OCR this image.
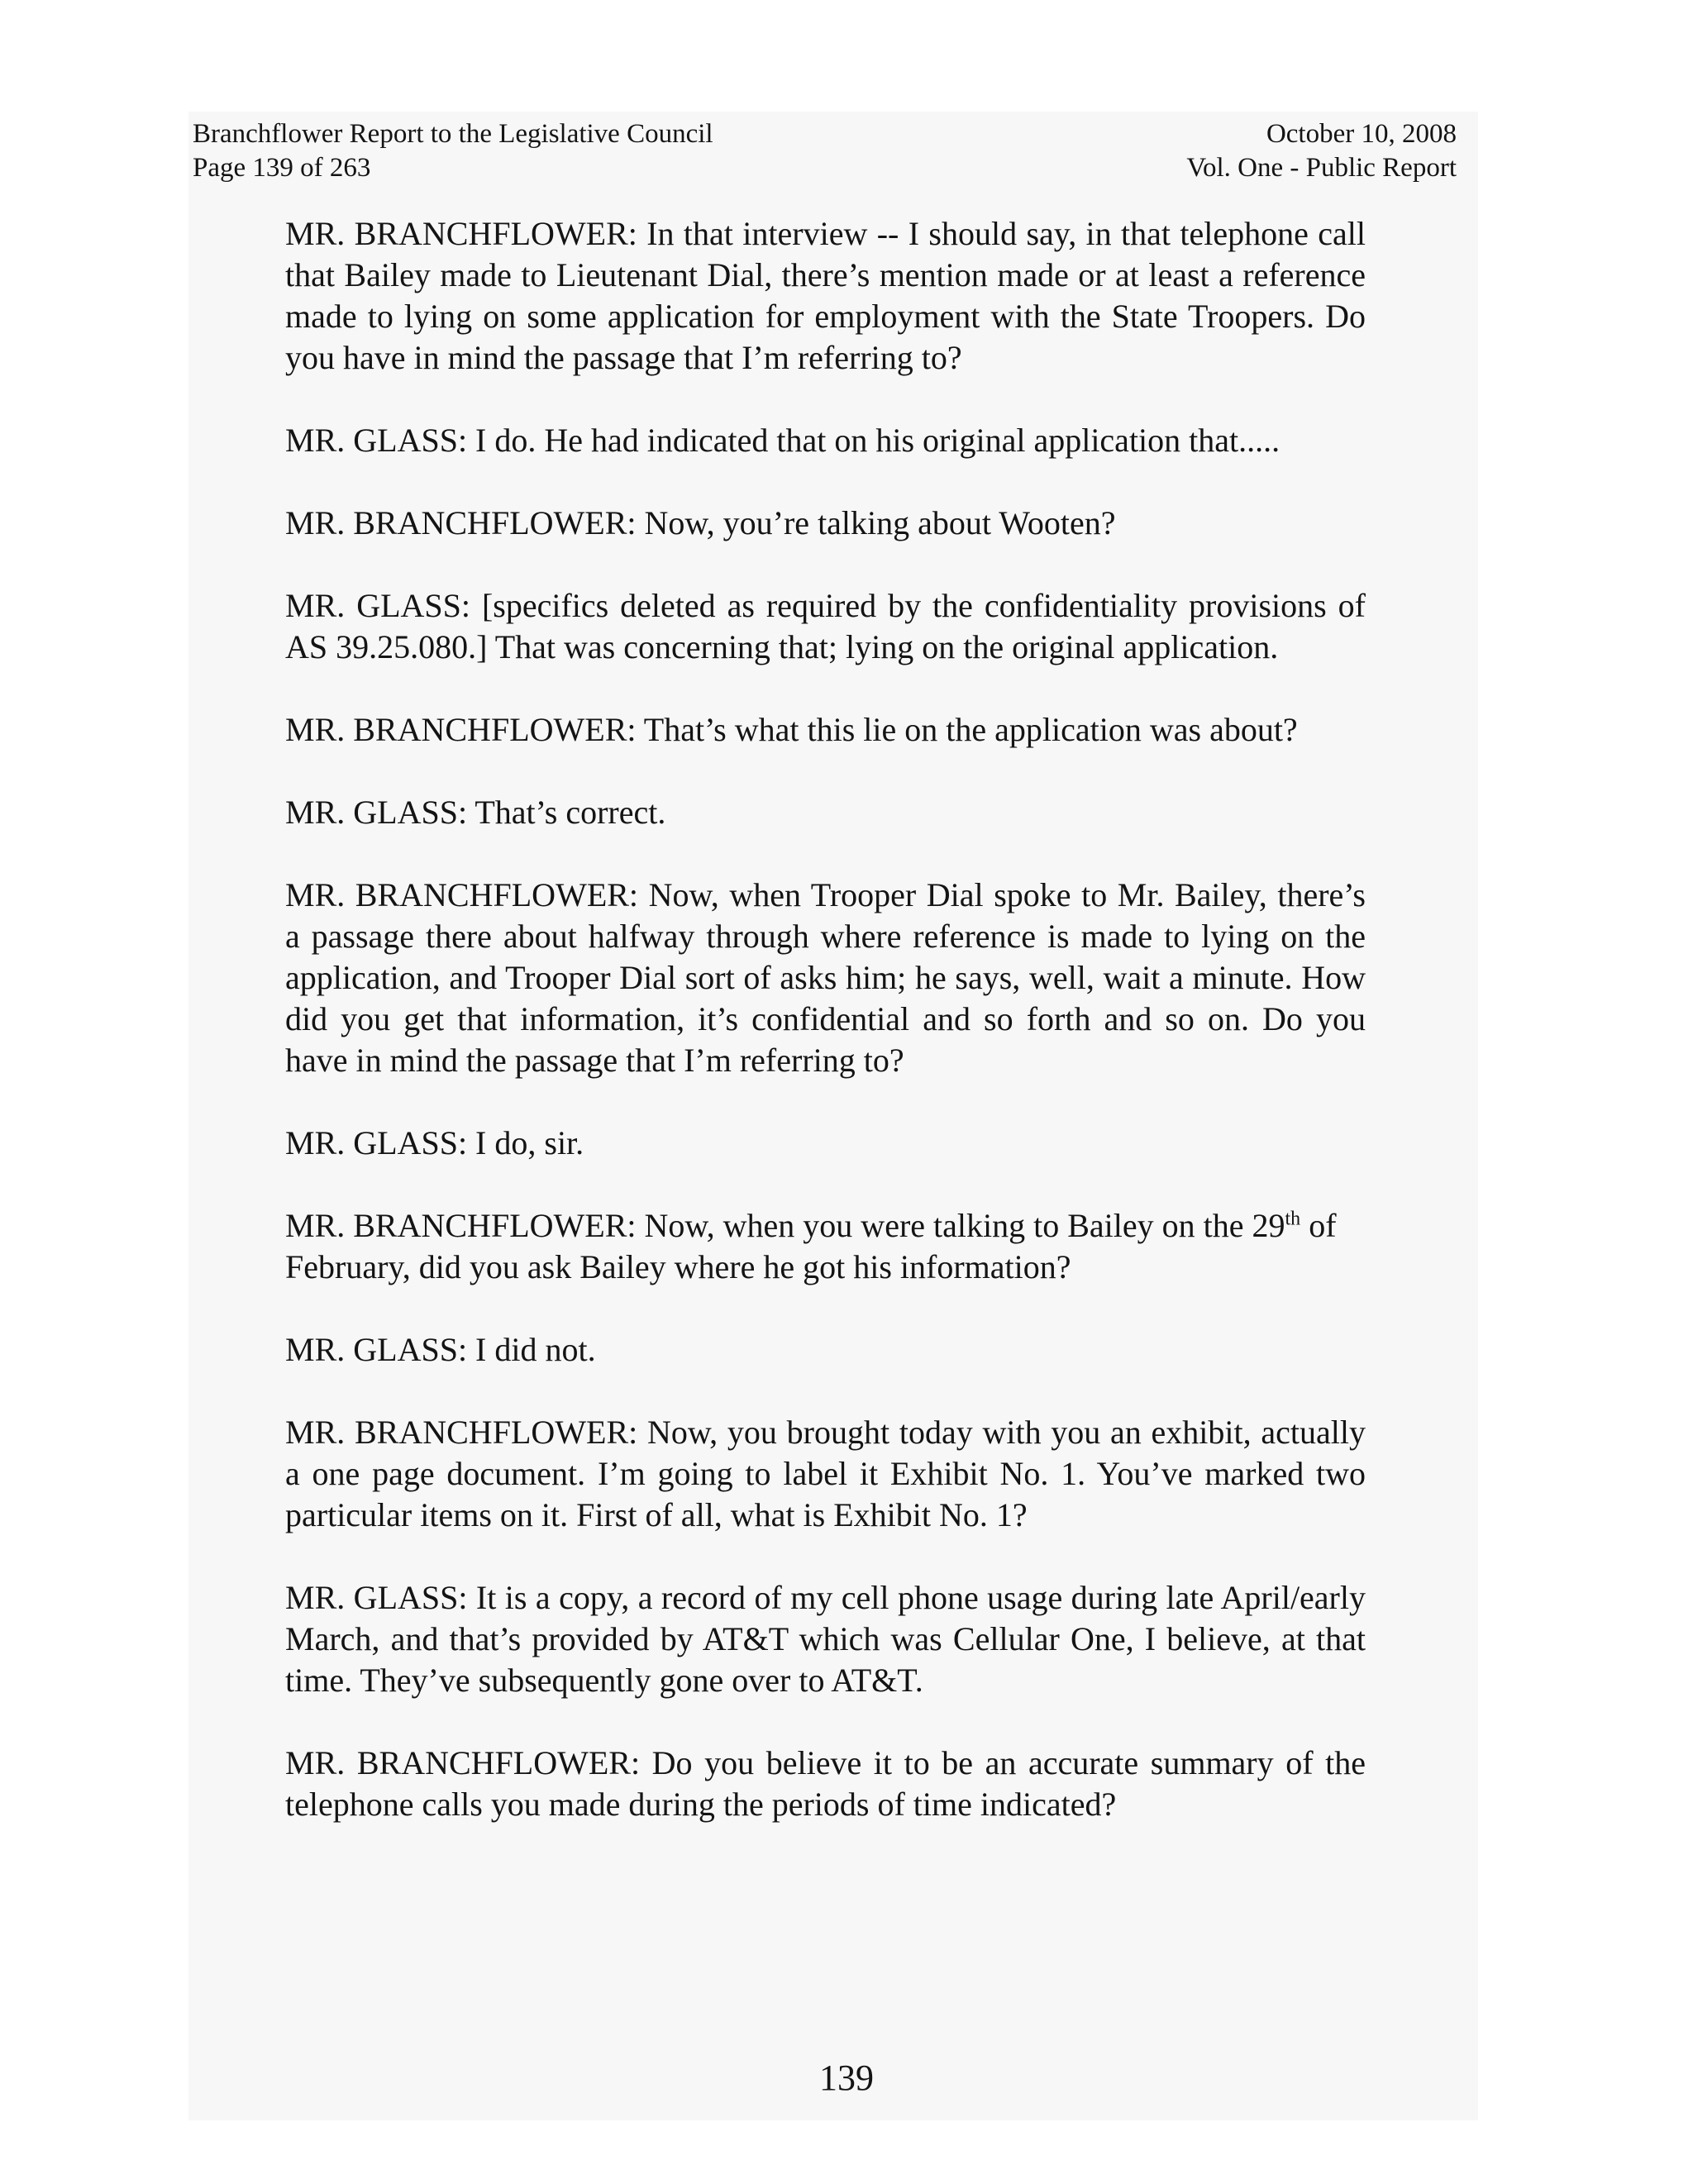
Branchflower Report to the Legislative Council
Page 139 of 263
October 10, 2008
Vol. One - Public Report

MR. BRANCHFLOWER: In that interview -- I should say, in that telephone call that Bailey made to Lieutenant Dial, there’s mention made or at least a reference made to lying on some application for employment with the State Troopers. Do you have in mind the passage that I’m referring to?

MR. GLASS: I do. He had indicated that on his original application that.....

MR. BRANCHFLOWER: Now, you’re talking about Wooten?

MR. GLASS: [specifics deleted as required by the confidentiality provisions of AS 39.25.080.] That was concerning that; lying on the original application.

MR. BRANCHFLOWER: That’s what this lie on the application was about?

MR. GLASS: That’s correct.

MR. BRANCHFLOWER: Now, when Trooper Dial spoke to Mr. Bailey, there’s a passage there about halfway through where reference is made to lying on the application, and Trooper Dial sort of asks him; he says, well, wait a minute. How did you get that information, it’s confidential and so forth and so on. Do you have in mind the passage that I’m referring to?

MR. GLASS: I do, sir.

MR. BRANCHFLOWER: Now, when you were talking to Bailey on the 29th of February, did you ask Bailey where he got his information?

MR. GLASS: I did not.

MR. BRANCHFLOWER: Now, you brought today with you an exhibit, actually a one page document. I’m going to label it Exhibit No. 1. You’ve marked two particular items on it. First of all, what is Exhibit No. 1?

MR. GLASS: It is a copy, a record of my cell phone usage during late April/early March, and that’s provided by AT&T which was Cellular One, I believe, at that time. They’ve subsequently gone over to AT&T.

MR. BRANCHFLOWER: Do you believe it to be an accurate summary of the telephone calls you made during the periods of time indicated?

139
